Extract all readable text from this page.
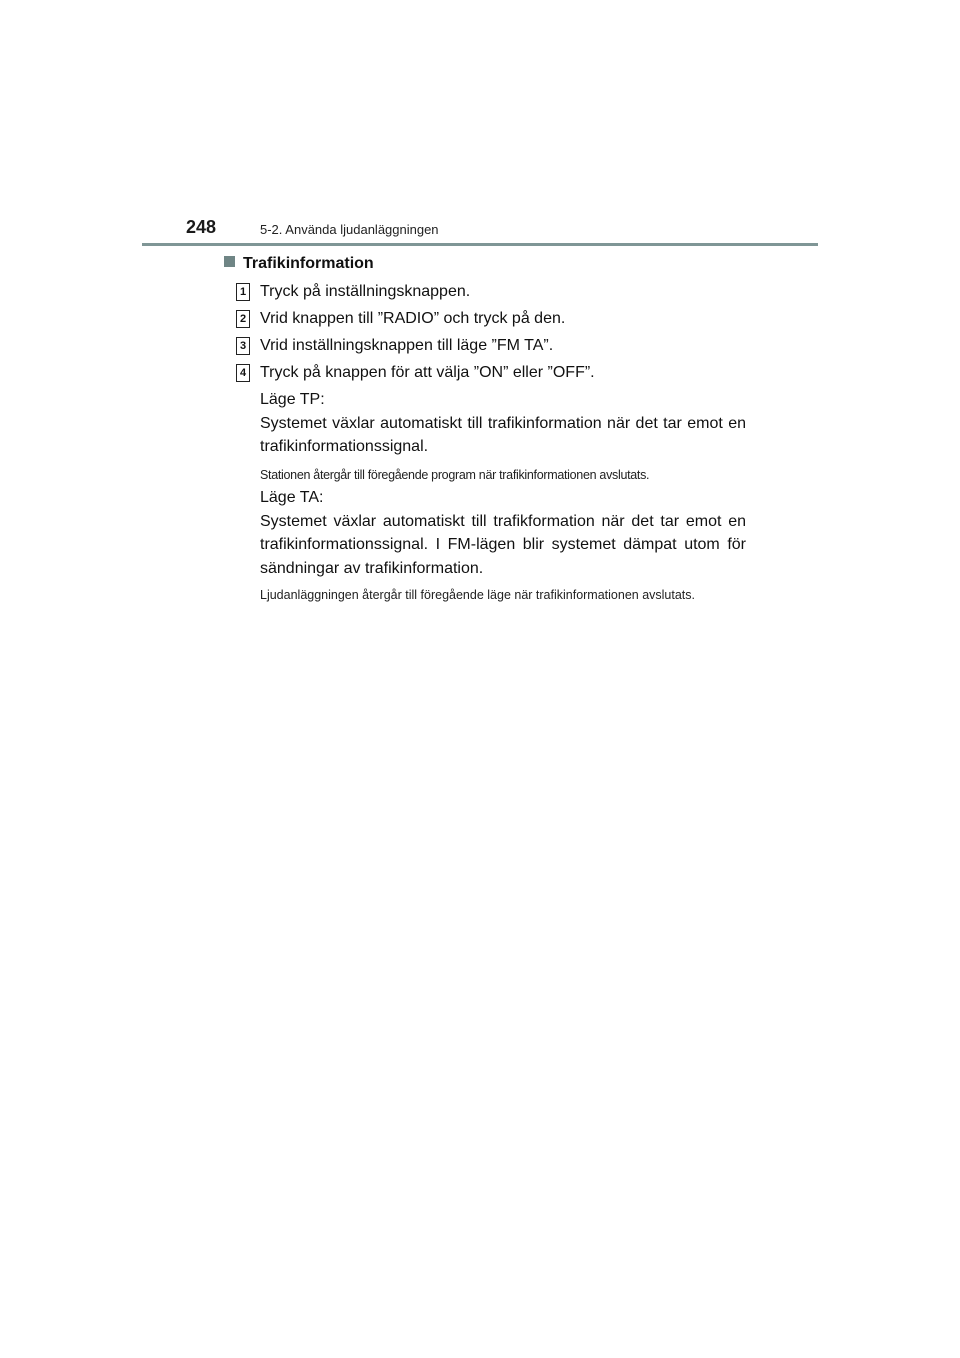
248	5-2. Använda ljudanläggningen
Trafikinformation
1 Tryck på inställningsknappen.
2 Vrid knappen till ”RADIO” och tryck på den.
3 Vrid inställningsknappen till läge ”FM TA”.
4 Tryck på knappen för att välja ”ON” eller ”OFF”.

Läge TP:

Systemet växlar automatiskt till trafikinformation när det tar emot en trafikinformationssignal.

Stationen återgår till föregående program när trafikinformationen avslutats.

Läge TA:

Systemet växlar automatiskt till trafikformation när det tar emot en trafikinformationssignal. I FM-lägen blir systemet dämpat utom för sändningar av trafikinformation.

Ljudanläggningen återgår till föregående läge när trafikinformationen avslutats.
